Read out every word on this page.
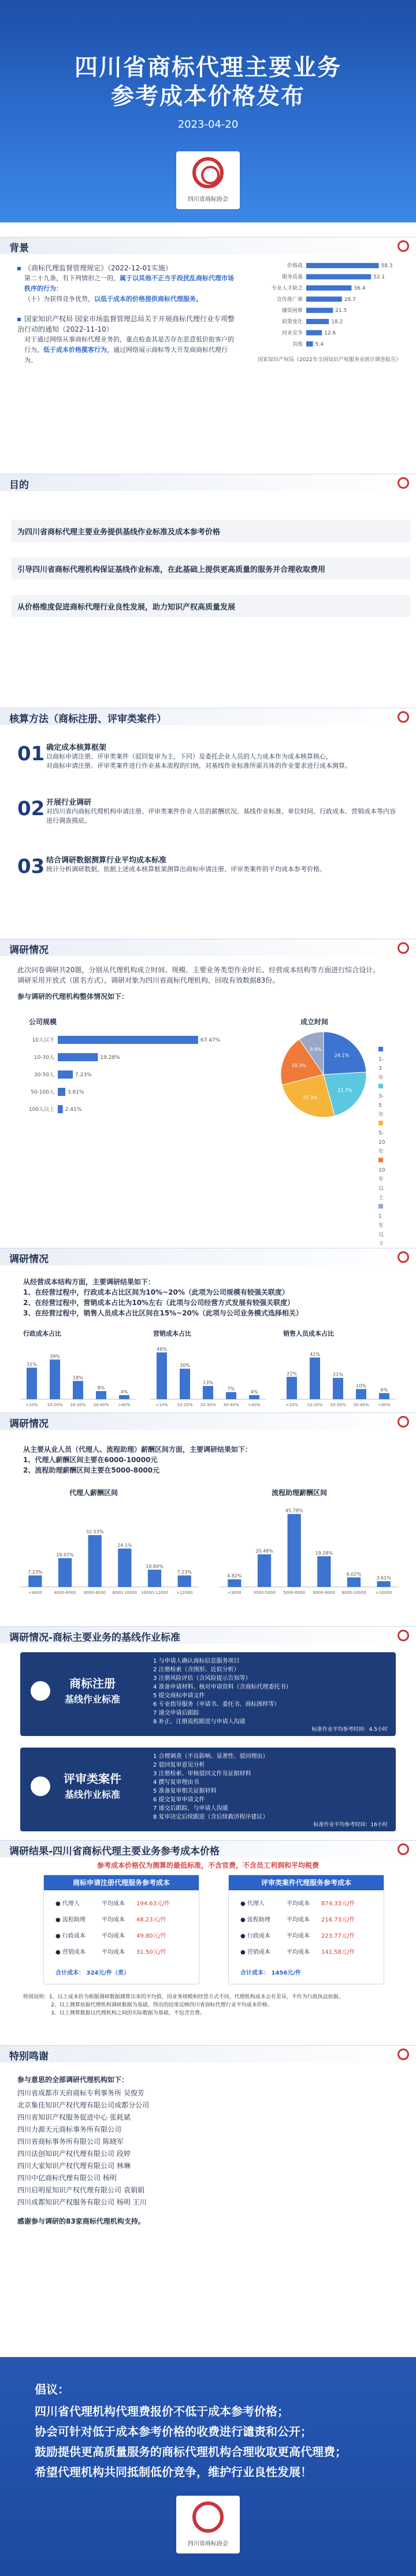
四川省商标代理主要业务
参考成本价格发布
2023-04-20
四川省商标协会
背景
《商标代理监督管理规定》（2022-12-01实施）
第二十九条，有下列情形之一的，属于以其他不正当手段扰乱商标代理市场秩序的行为：
（十）为获得竞争优势，以低于成本的价格提供商标代理服务。
国家知识产权局 国家市场监督管理总局关于开展商标代理行业专项整治行动的通知（2022-11-10）
对于通过网络从事商标代理业务的，重点检查其是否存在恶意低价抢客户的行为，低于成本价格揽客行为，通过网络展示商标等大开发商商标代理行为。
价格战	58.3
服务质量	52.1
专业人才缺乏	36.4
宣传推广难	28.7
融资困难	21.5
政策变化	18.2
同业竞争	12.6
其他 5.4
国家知识产权局《2022年全国知识产权服务业统计调查报告》
目的
为四川省商标代理主要业务提供基线作业标准及成本参考价格
引导四川省商标代理机构保证基线作业标准，在此基础上提供更高质量的服务并合理收取费用
从价格维度促进商标代理行业良性发展，助力知识产权高质量发展
核算方法（商标注册、评审类案件）
01 确定成本核算框架
以商标申请注册、评审类案件（驳回复审为主，下同）及委托企业人员的人力成本作为成本核算核心，
对商标申请注册、评审类案件进行作业基本流程的归纳，对基线作业标准所需具体的作业要求进行成本测算。
02 开展行业调研
对四川省内商标代理机构申请注册、评审类案件作业人员的薪酬状况、基线作业标准、单位时间、行政成本、营销成本等内容进行调查摸底。
03 结合调研数据测算行业平均成本标准
统计分析调研数据，依据上述成本核算框架测算出商标申请注册、评审类案件的平均成本参考价格。
调研情况
此次问卷调研共20题，分别从代理机构成立时间、规模、主要业务类型作业时长、经营成本结构等方面进行综合设计。
调研采用开放式（匿名方式），调研对象为四川省商标代理机构，回收有效数据83份。
参与调研的代理机构整体情况如下：
公司规模
10人以下	67.47%
10-30人	19.28%
30-50人	7.23%
50-100人	3.61%
100人以上 2.41%
成立时间
24.1%
21.7%
25.3%
19.3%
9.6%
1-3年
3-5年
5-10年
10年以上
1年以下
调研情况
从经营成本结构方面，主要调研结果如下：
1、在经营过程中，行政成本占比区间为10%~20%（此项为公司规模有较强关联度）
2、在经营过程中，营销成本占比为10%左右（此项与公司经营方式发展有较强关联度）
3、在经营过程中，销售人员成本占比区间在15%~20%（此项与公司业务模式选择相关）
行政成本占比	营销成本占比	销售人员成本占比
31%
<10%
39%
10-20%
18%
20-30%
8%
30-40%
4%
>40%
46%
<10%
30%
10-20%
13%
20-30%
7%
30-40%
4%
>40%
22%
<10%
41%
10-20%
21%
20-30%
10%
30-40%
6%
>40%
调研情况
从主要从业人员（代理人、流程助理）薪酬区间方面，主要调研结果如下：
1、代理人薪酬区间主要在6000-10000元
2、流程助理薪酬区间主要在5000-8000元
代理人薪酬区间	流程助理薪酬区间
7.23%
<4000
18.07%
4000-6000
32.53%
6000-8000
24.1%
8000-10000
10.84%
10000-12000
7.23%
>12000
4.82%
<3000
20.48%
3000-5000
45.78%
5000-6000
19.28%
6000-8000
6.02%
8000-10000
3.61%
>10000
调研情况-商标主要业务的基线作业标准
商标注册
基线作业标准
1 与申请人确认商标信息服务项目
2 注册检索（含图形、近似分析）
3 注册风险评估（含风险提示告知等）
4 准备申请材料、核对申请资料（含商标代理委托书）
5 提交商标申请文件
6 专业指导服务（申请书、委托书、商标图样等）
7 递交申请后跟踪
8 补正、注册流程跟进与申请人沟通
标准作业平均参考时间：4.5小时
评审类案件
基线作业标准
1 合理调查（不良影响、显著性、驳回理由）
2 驳回复审意见分析
3 注册检索、审核驳回文件及证据材料
4 撰写复审理由书
5 准备复审相关证据材料
6 提交复审申请文件
7 递交后跟踪，与申请人沟通
8 复审决定后续跟进（含后续救济程序建议）
标准作业平均参考时间：16小时
调研结果-四川省商标代理主要业务参考成本价格
参考成本价格仅为测算的最低标准，不含官费，不含员工利润和平均税费
商标申请注册代理服务参考成本
● 代理人	平均成本 194.63元/件
● 流程助理	平均成本 48.23元/件
● 行政成本	平均成本 49.80元/件
● 营销成本	平均成本 31.50元/件
合计成本： 324元/件（类）
评审类案件代理服务参考成本
● 代理人	平均成本 874.33元/件
● 流程助理	平均成本 216.73元/件
● 行政成本	平均成本 223.77元/件
● 营销成本	平均成本 141.58元/件
合计成本： 1456元/件
特别说明：1、以上成本价为根据调研数据测算出来的平均值，因业务规模和经营方式不同，代理机构成本会有差异，不作为行政执法依据。
2、以上测算依据代理机构调研数据为基础，得出的结果反映四川省商标代理行业平均成本价格。
3、以上测算数据以代理机构之间的实际数据为基础，不包含官费。
特别鸣谢
参与意思的全部调研代理机构如下：
四川省成都市天府商标专利事务所 吴俊芳
北京集佳知识产权代理有限公司成都分公司
四川省知识产权服务促进中心 张耗斌
四川力源天元商标事务所有限公司
四川省商标事务所有限公司 陈晓军
四川法创知识产权代理有限公司 段婷
四川大家知识产权代理有限公司 林琳
四川中亿商标代理有限公司 杨明
四川启明星知识产权代理有限公司 袁娟娟
四川成都知识产权服务有限公司 杨明 王川
感谢参与调研的83家商标代理机构支持。
倡议：
四川省代理机构代理费报价不低于成本参考价格；
协会可针对低于成本参考价格的收费进行谴责和公开；
鼓励提供更高质量服务的商标代理机构合理收取更高代理费；
希望代理机构共同抵制低价竞争，维护行业良性发展！
四川省商标协会
